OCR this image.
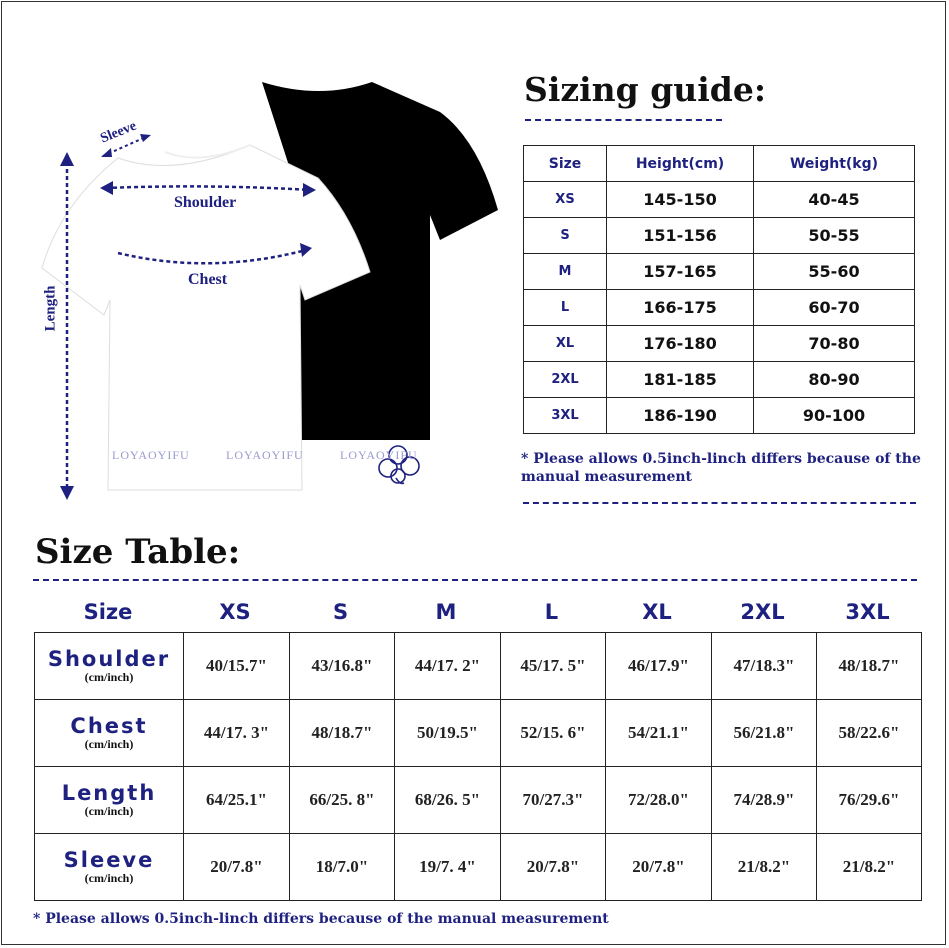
Sleeve
Shoulder
Chest
Length
LOYAOYIFU	LOYAOYIFU	LOYAOYIFU
Sizing guide:
Size	Height(cm)	Weight(kg)
XS	145-150	40-45
S	151-156	50-55
M	157-165	55-60
L	166-175	60-70
XL	176-180	70-80
2XL	181-185	80-90
3XL	186-190	90-100
* Please allows 0.5inch-linch differs because of the manual measurement
Size Table:
Size	XS	S	M	L	XL	2XL	3XL
Shoulder
(cm/inch)	40/15.7"	43/16.8"	44/17. 2"	45/17. 5"	46/17.9"	47/18.3"	48/18.7"

Chest
(cm/inch)	44/17. 3"	48/18.7"	50/19.5"	52/15. 6"	54/21.1"	56/21.8"	58/22.6"

Length
(cm/inch)	64/25.1"	66/25. 8"	68/26. 5"	70/27.3"	72/28.0"	74/28.9"	76/29.6"

Sleeve
(cm/inch)	20/7.8"	18/7.0"	19/7. 4"	20/7.8"	20/7.8"	21/8.2"	21/8.2"
* Please allows 0.5inch-linch differs because of the manual measurement
